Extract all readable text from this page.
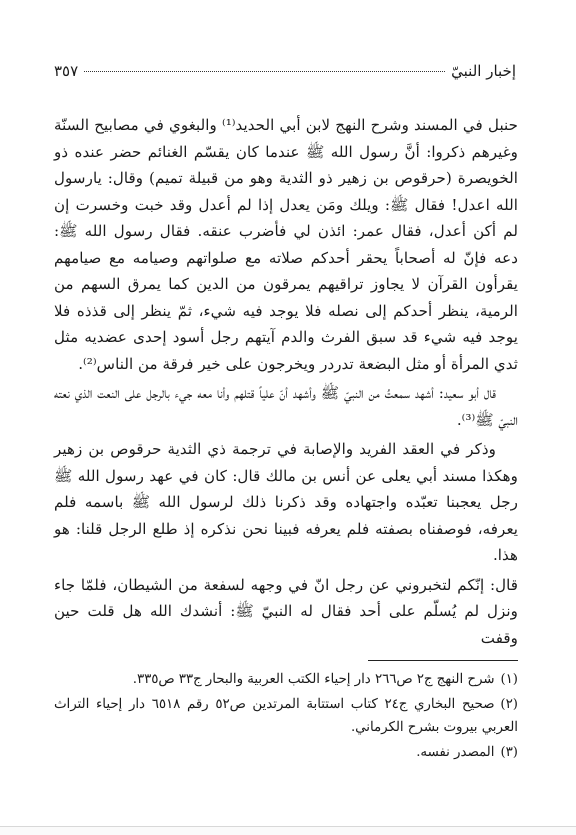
إخبار النبيّ
٣٥٧

حنبل في المسند وشرح النهج لابن أبي الحديد⁽¹⁾ والبغوي في مصابيح السنّة وغيرهم ذكروا: أنَّ رسول الله ﷺ عندما كان يقسّم الغنائم حضر عنده ذو الخويصرة (حرقوص بن زهير ذو الثدية وهو من قبيلة تميم) وقال: يارسول الله اعدل! فقال ﷺ: ويلك ومَن يعدل إذا لم أعدل وقد خبت وخسرت إن لم أكن أعدل، فقال عمر: ائذن لي فأضرب عنقه. فقال رسول الله ﷺ: دعه فإنّ له أصحاباً يحقر أحدكم صلاته مع صلواتهم وصيامه مع صيامهم يقرأون القرآن لا يجاوز تراقيهم يمرقون من الدين كما يمرق السهم من الرمية، ينظر أحدكم إلى نصله فلا يوجد فيه شيء، ثمّ ينظر إلى قذذه فلا يوجد فيه شيء قد سبق الفرث والدم آيتهم رجل أسود إحدى عضديه مثل ثدي المرأة أو مثل البضعة تدردر ويخرجون على خير فرقة من الناس⁽²⁾.

قال أبو سعيد: أشهد سمعتُ من النبيّ ﷺ وأشهد أنّ علياً قتلهم وأنا معه جيء بالرجل على النعت الذي نعته النبيّ ﷺ⁽³⁾.

وذكر في العقد الفريد والإصابة في ترجمة ذي الثدية حرقوص بن زهير وهكذا مسند أبي يعلى عن أنس بن مالك قال: كان في عهد رسول الله ﷺ رجل يعجبنا تعبّده واجتهاده وقد ذكرنا ذلك لرسول الله ﷺ باسمه فلم يعرفه، فوصفناه بصفته فلم يعرفه فبينا نحن نذكره إذ طلع الرجل قلنا: هو هذا.

قال: إنّكم لتخبروني عن رجل انّ في وجهه لسفعة من الشيطان، فلمّا جاء ونزل لم يُسلّم على أحد فقال له النبيّ ﷺ: أنشدك الله هل قلت حين وقفت

(١)شرح النهج ج٢ ص٢٦٦ دار إحياء الكتب العربية والبحار ج٣٣ ص٣٣٥.

(٢)صحيح البخاري ج٢٤ كتاب استتابة المرتدين ص٥٢ رقم ٦٥١٨ دار إحياء التراث العربي بيروت بشرح الكرماني.

(٣)المصدر نفسه.
